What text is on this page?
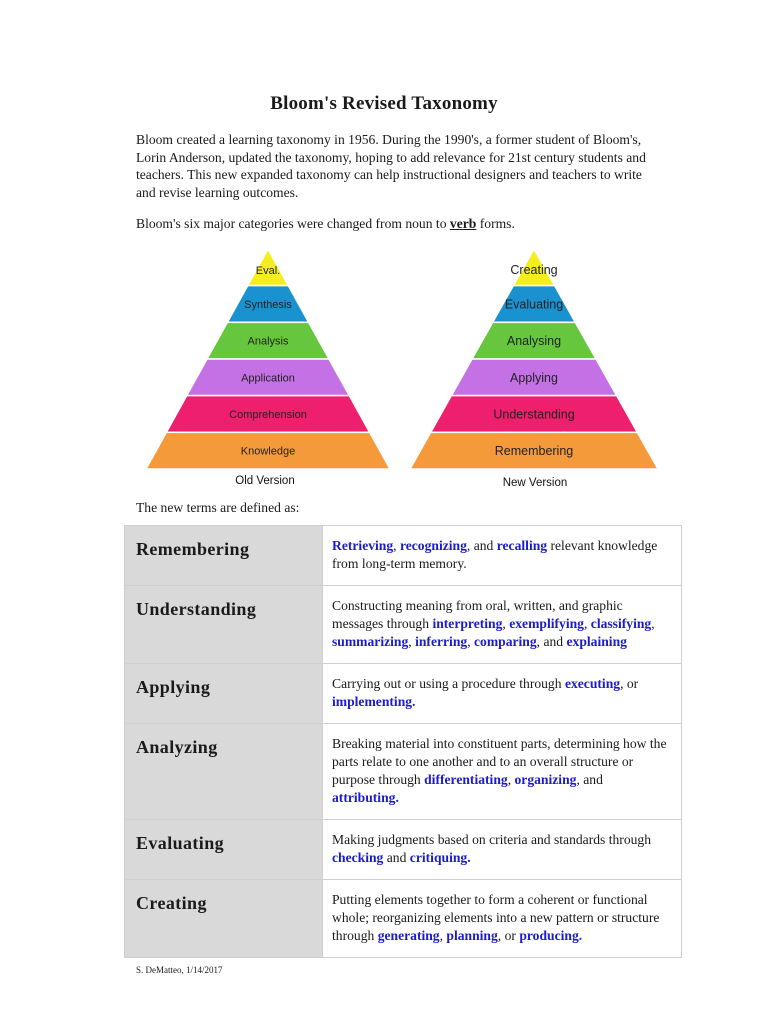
Bloom's Revised Taxonomy
Bloom created a learning taxonomy in 1956. During the 1990's, a former student of Bloom's, Lorin Anderson, updated the taxonomy, hoping to add relevance for 21st century students and teachers. This new expanded taxonomy can help instructional designers and teachers to write and revise learning outcomes.
Bloom's six major categories were changed from noun to verb forms.
Eval.
Synthesis
Analysis
Application
Comprehension
Knowledge
Creating
Evaluating
Analysing
Applying
Understanding
Remembering
Old Version	New Version
The new terms are defined as:
Remembering	Retrieving, recognizing, and recalling relevant knowledge from long-term memory.
Understanding	Constructing meaning from oral, written, and graphic messages through interpreting, exemplifying, classifying, summarizing, inferring, comparing, and explaining
Applying	Carrying out or using a procedure through executing, or implementing.
Analyzing	Breaking material into constituent parts, determining how the parts relate to one another and to an overall structure or purpose through differentiating, organizing, and attributing.
Evaluating	Making judgments based on criteria and standards through checking and critiquing.
Creating	Putting elements together to form a coherent or functional whole; reorganizing elements into a new pattern or structure through generating, planning, or producing.
S. DeMatteo, 1/14/2017
